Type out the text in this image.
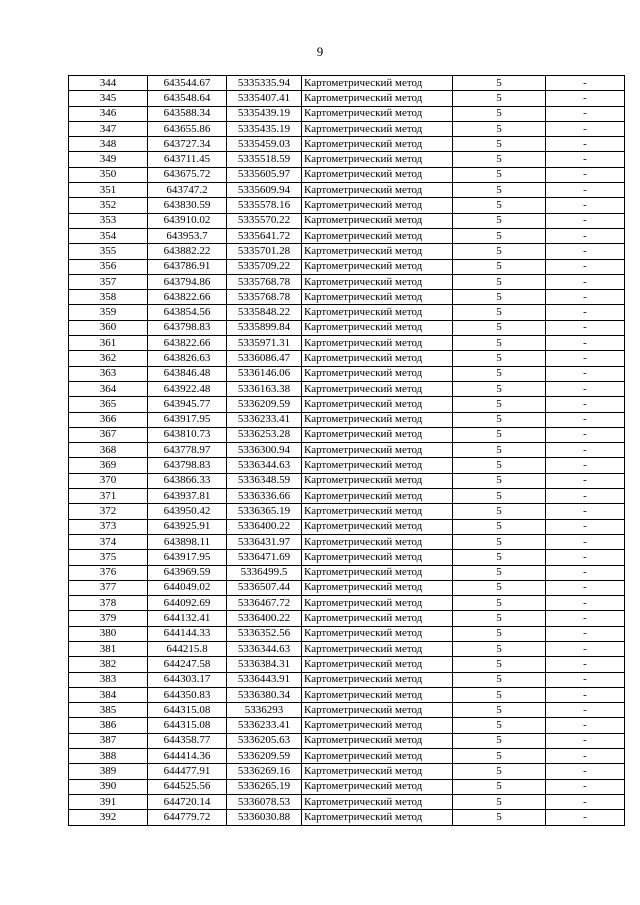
9
344	643544.67	5335335.94	Картометрический метод	5	-
345	643548.64	5335407.41	Картометрический метод	5	-
346	643588.34	5335439.19	Картометрический метод	5	-
347	643655.86	5335435.19	Картометрический метод	5	-
348	643727.34	5335459.03	Картометрический метод	5	-
349	643711.45	5335518.59	Картометрический метод	5	-
350	643675.72	5335605.97	Картометрический метод	5	-
351	643747.2	5335609.94	Картометрический метод	5	-
352	643830.59	5335578.16	Картометрический метод	5	-
353	643910.02	5335570.22	Картометрический метод	5	-
354	643953.7	5335641.72	Картометрический метод	5	-
355	643882.22	5335701.28	Картометрический метод	5	-
356	643786.91	5335709.22	Картометрический метод	5	-
357	643794.86	5335768.78	Картометрический метод	5	-
358	643822.66	5335768.78	Картометрический метод	5	-
359	643854.56	5335848.22	Картометрический метод	5	-
360	643798.83	5335899.84	Картометрический метод	5	-
361	643822.66	5335971.31	Картометрический метод	5	-
362	643826.63	5336086.47	Картометрический метод	5	-
363	643846.48	5336146.06	Картометрический метод	5	-
364	643922.48	5336163.38	Картометрический метод	5	-
365	643945.77	5336209.59	Картометрический метод	5	-
366	643917.95	5336233.41	Картометрический метод	5	-
367	643810.73	5336253.28	Картометрический метод	5	-
368	643778.97	5336300.94	Картометрический метод	5	-
369	643798.83	5336344.63	Картометрический метод	5	-
370	643866.33	5336348.59	Картометрический метод	5	-
371	643937.81	5336336.66	Картометрический метод	5	-
372	643950.42	5336365.19	Картометрический метод	5	-
373	643925.91	5336400.22	Картометрический метод	5	-
374	643898.11	5336431.97	Картометрический метод	5	-
375	643917.95	5336471.69	Картометрический метод	5	-
376	643969.59	5336499.5	Картометрический метод	5	-
377	644049.02	5336507.44	Картометрический метод	5	-
378	644092.69	5336467.72	Картометрический метод	5	-
379	644132.41	5336400.22	Картометрический метод	5	-
380	644144.33	5336352.56	Картометрический метод	5	-
381	644215.8	5336344.63	Картометрический метод	5	-
382	644247.58	5336384.31	Картометрический метод	5	-
383	644303.17	5336443.91	Картометрический метод	5	-
384	644350.83	5336380.34	Картометрический метод	5	-
385	644315.08	5336293	Картометрический метод	5	-
386	644315.08	5336233.41	Картометрический метод	5	-
387	644358.77	5336205.63	Картометрический метод	5	-
388	644414.36	5336209.59	Картометрический метод	5	-
389	644477.91	5336269.16	Картометрический метод	5	-
390	644525.56	5336265.19	Картометрический метод	5	-
391	644720.14	5336078.53	Картометрический метод	5	-
392	644779.72	5336030.88	Картометрический метод	5	-
